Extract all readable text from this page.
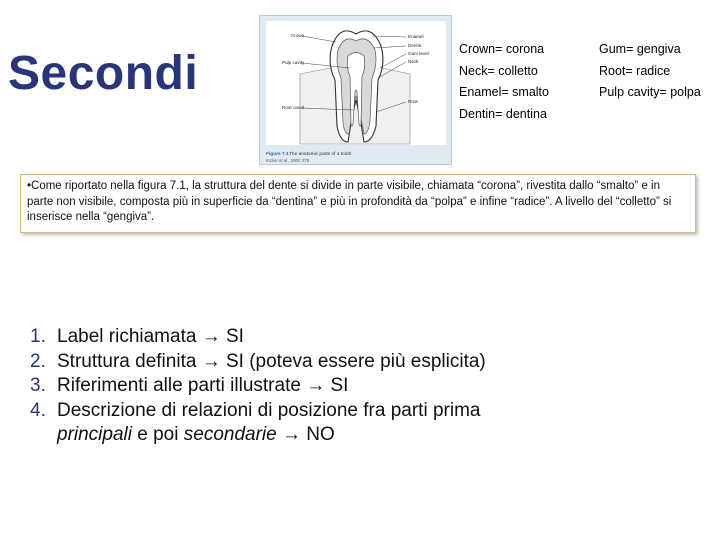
Secondi
Crown	Enamel
Dentin
Gum level
Neck
Pulp cavity
Root canal
Root
Figure 7.1 The anatomic parts of a tooth
Kozier et al., 2000; 275
Crown= corona
Neck= colletto
Enamel= smalto
Dentin= dentina
Gum= gengiva
Root= radice
Pulp cavity= polpa
•Come riportato nella figura 7.1, la struttura del dente si divide in parte visibile, chiamata “corona”, rivestita dallo “smalto” e in parte non visibile, composta più in superficie da “dentina” e più in profondità da “polpa” e infine “radice”. A livello del “colletto” si inserisce nella “gengiva”.
1. Label richiamata → SI
2. Struttura definita → SI (poteva essere più esplicita)
3. Riferimenti alle parti illustrate → SI
4. Descrizione di relazioni di posizione fra parti prima
principali e poi secondarie → NO
